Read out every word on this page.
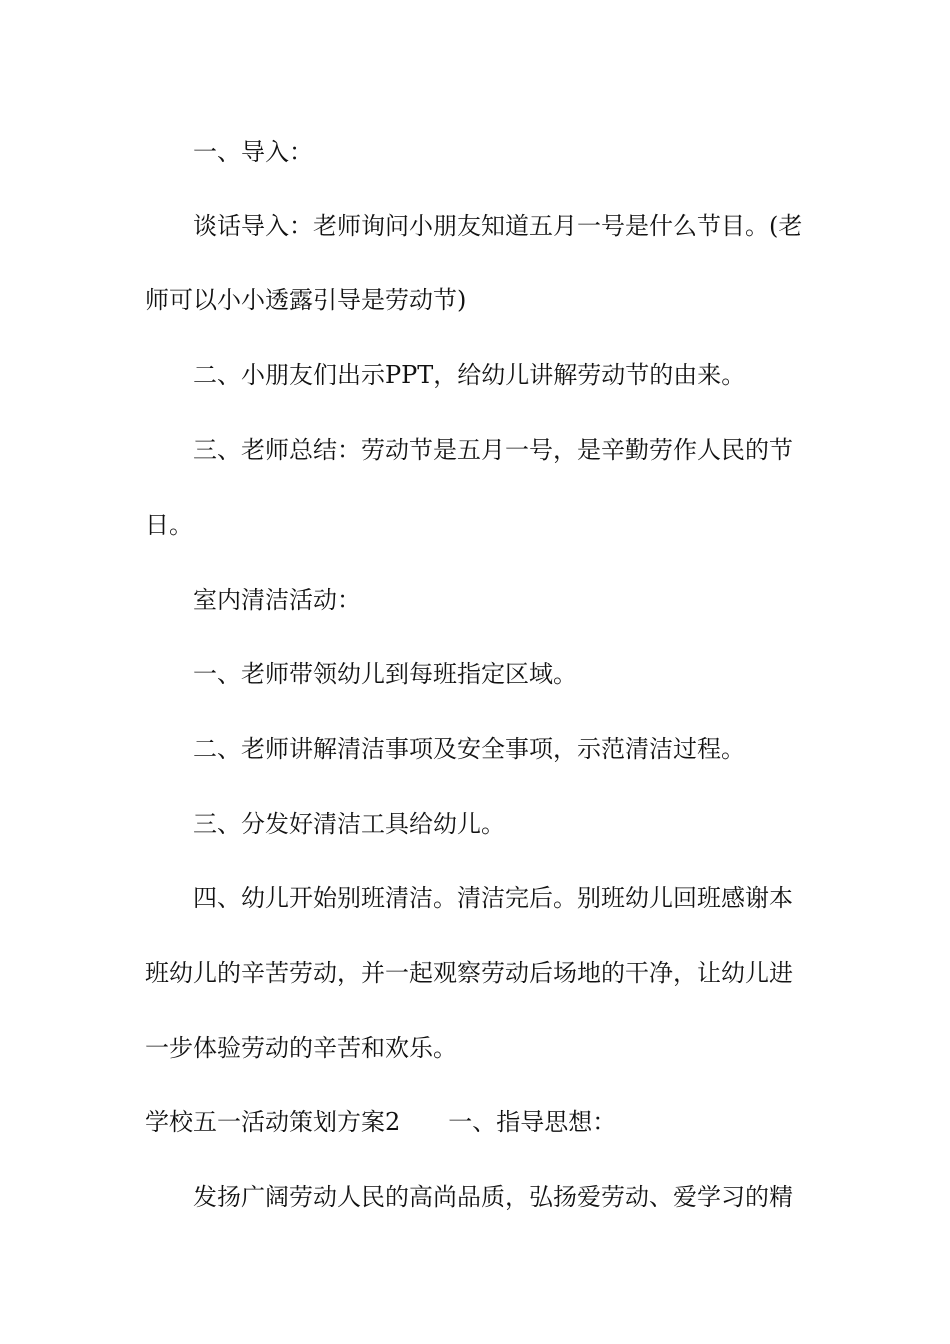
一、导入：
谈话导入：老师询问小朋友知道五月一号是什么节目。(老
师可以小小透露引导是劳动节)
二、小朋友们出示PPT，给幼儿讲解劳动节的由来。
三、老师总结：劳动节是五月一号，是辛勤劳作人民的节
日。
室内清洁活动：
一、老师带领幼儿到每班指定区域。
二、老师讲解清洁事项及安全事项，示范清洁过程。
三、分发好清洁工具给幼儿。
四、幼儿开始别班清洁。清洁完后。别班幼儿回班感谢本
班幼儿的辛苦劳动，并一起观察劳动后场地的干净，让幼儿进
一步体验劳动的辛苦和欢乐。
学校五一活动策划方案2　　一、指导思想：
发扬广阔劳动人民的高尚品质，弘扬爱劳动、爱学习的精
